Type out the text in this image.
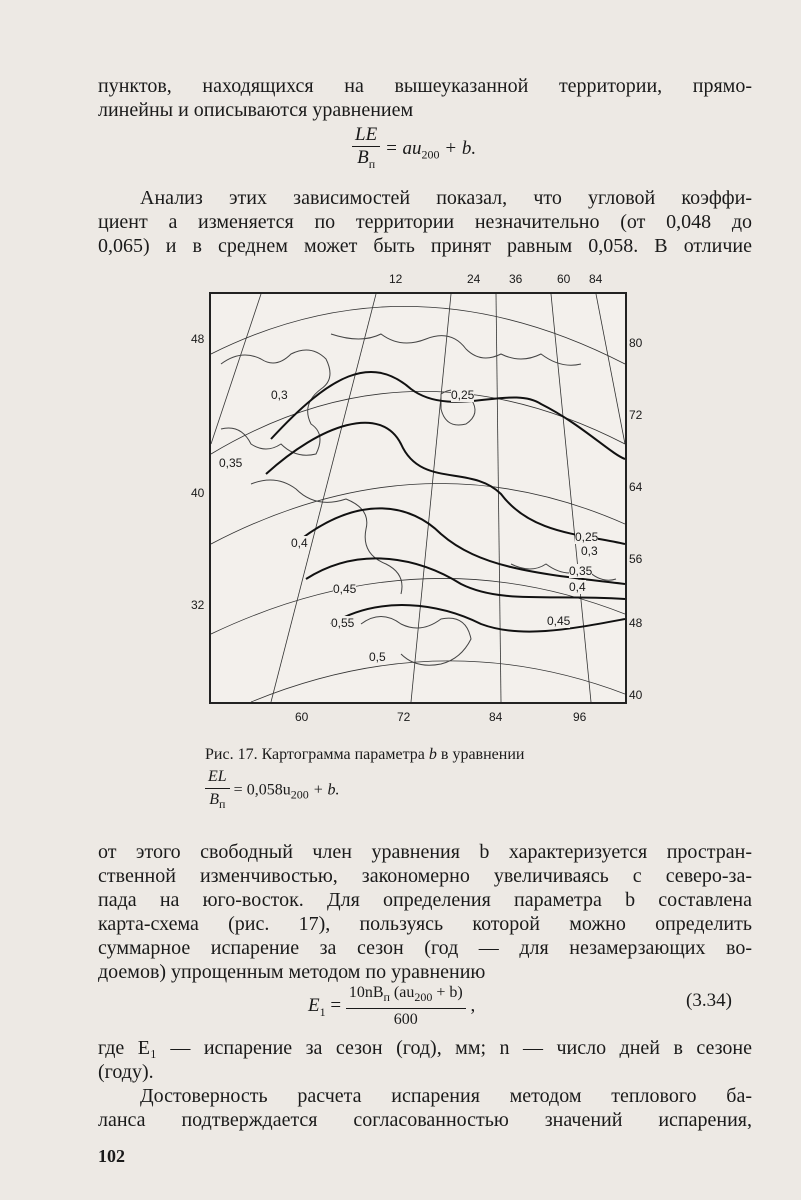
пунктов, находящихся на вышеуказанной территории, прямо-

линейны и описываются уравнением

$\frac{LE}{B_п} = au_{200} + b$.

Анализ этих зависимостей показал, что угловой коэффи-

циент a изменяется по территории незначительно (от 0,048 до

0,065) и в среднем может быть принят равным 0,058. В отличие

12	24 36	60 84
60	72	84	96
48
40
32
80
72
64
56
48
40
0,3	0,25
0,35
0,4
0,45
0,55
0,5
0,25
0,3
0,35
0,4
0,45
Рис. 17. Картограмма параметра b в уравнении
$\frac{EL}{B_п} = 0,058u_{200} + b$.

от этого свободный член уравнения b характеризуется простран-

ственной изменчивостью, закономерно увеличиваясь с северо-за-

пада на юго-восток. Для определения параметра b составлена

карта-схема (рис. 17), пользуясь которой можно определить

суммарное испарение за сезон (год — для незамерзающих во-

доемов) упрощенным методом по уравнению

$E_1 = \frac{10nB_п (au_{200} + b)}{600}$ ,	(3.34)

где E₁ — испарение за сезон (год), мм; n — число дней в сезоне

(году).

Достоверность расчета испарения методом теплового ба-

ланса подтверждается согласованностью значений испарения,

102
